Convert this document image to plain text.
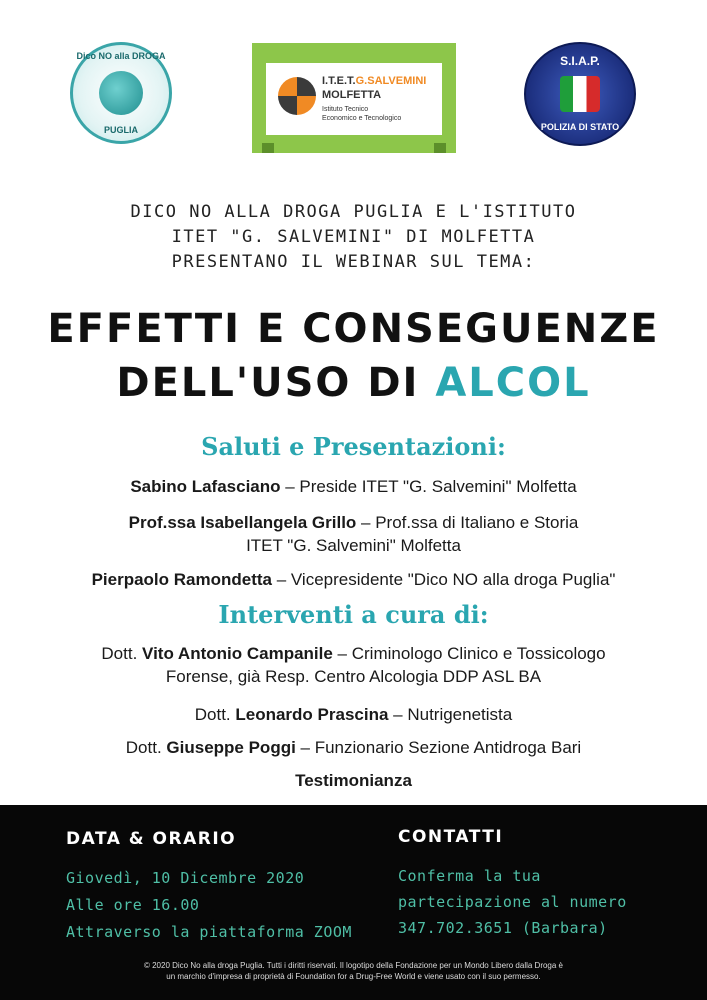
Dico NO alla DROGA
PUGLIA
I.T.E.T.G.SALVEMINI
MOLFETTA
Istituto Tecnico
Economico e Tecnologico
S.I.A.P.
POLIZIA DI STATO
DICO NO ALLA DROGA PUGLIA E L'ISTITUTO
ITET "G. SALVEMINI" DI MOLFETTA
PRESENTANO IL WEBINAR SUL TEMA:
EFFETTI E CONSEGUENZE
DELL'USO DI ALCOL
Saluti e Presentazioni:
Sabino Lafasciano – Preside ITET "G. Salvemini" Molfetta
Prof.ssa Isabellangela Grillo – Prof.ssa di Italiano e Storia
ITET "G. Salvemini" Molfetta
Pierpaolo Ramondetta – Vicepresidente "Dico NO alla droga Puglia"
Interventi a cura di:
Dott. Vito Antonio Campanile – Criminologo Clinico e Tossicologo
Forense, già Resp. Centro Alcologia DDP ASL BA
Dott. Leonardo Prascina – Nutrigenetista
Dott. Giuseppe Poggi – Funzionario Sezione Antidroga Bari
Testimonianza
DATA & ORARIO
Giovedì, 10 Dicembre 2020
Alle ore 16.00
Attraverso la piattaforma ZOOM
CONTATTI
Conferma la tua
partecipazione al numero
347.702.3651 (Barbara)
© 2020 Dico No alla droga Puglia. Tutti i diritti riservati. Il logotipo della Fondazione per un Mondo Libero dalla Droga è
un marchio d'impresa di proprietà di Foundation for a Drug-Free World e viene usato con il suo permesso.
